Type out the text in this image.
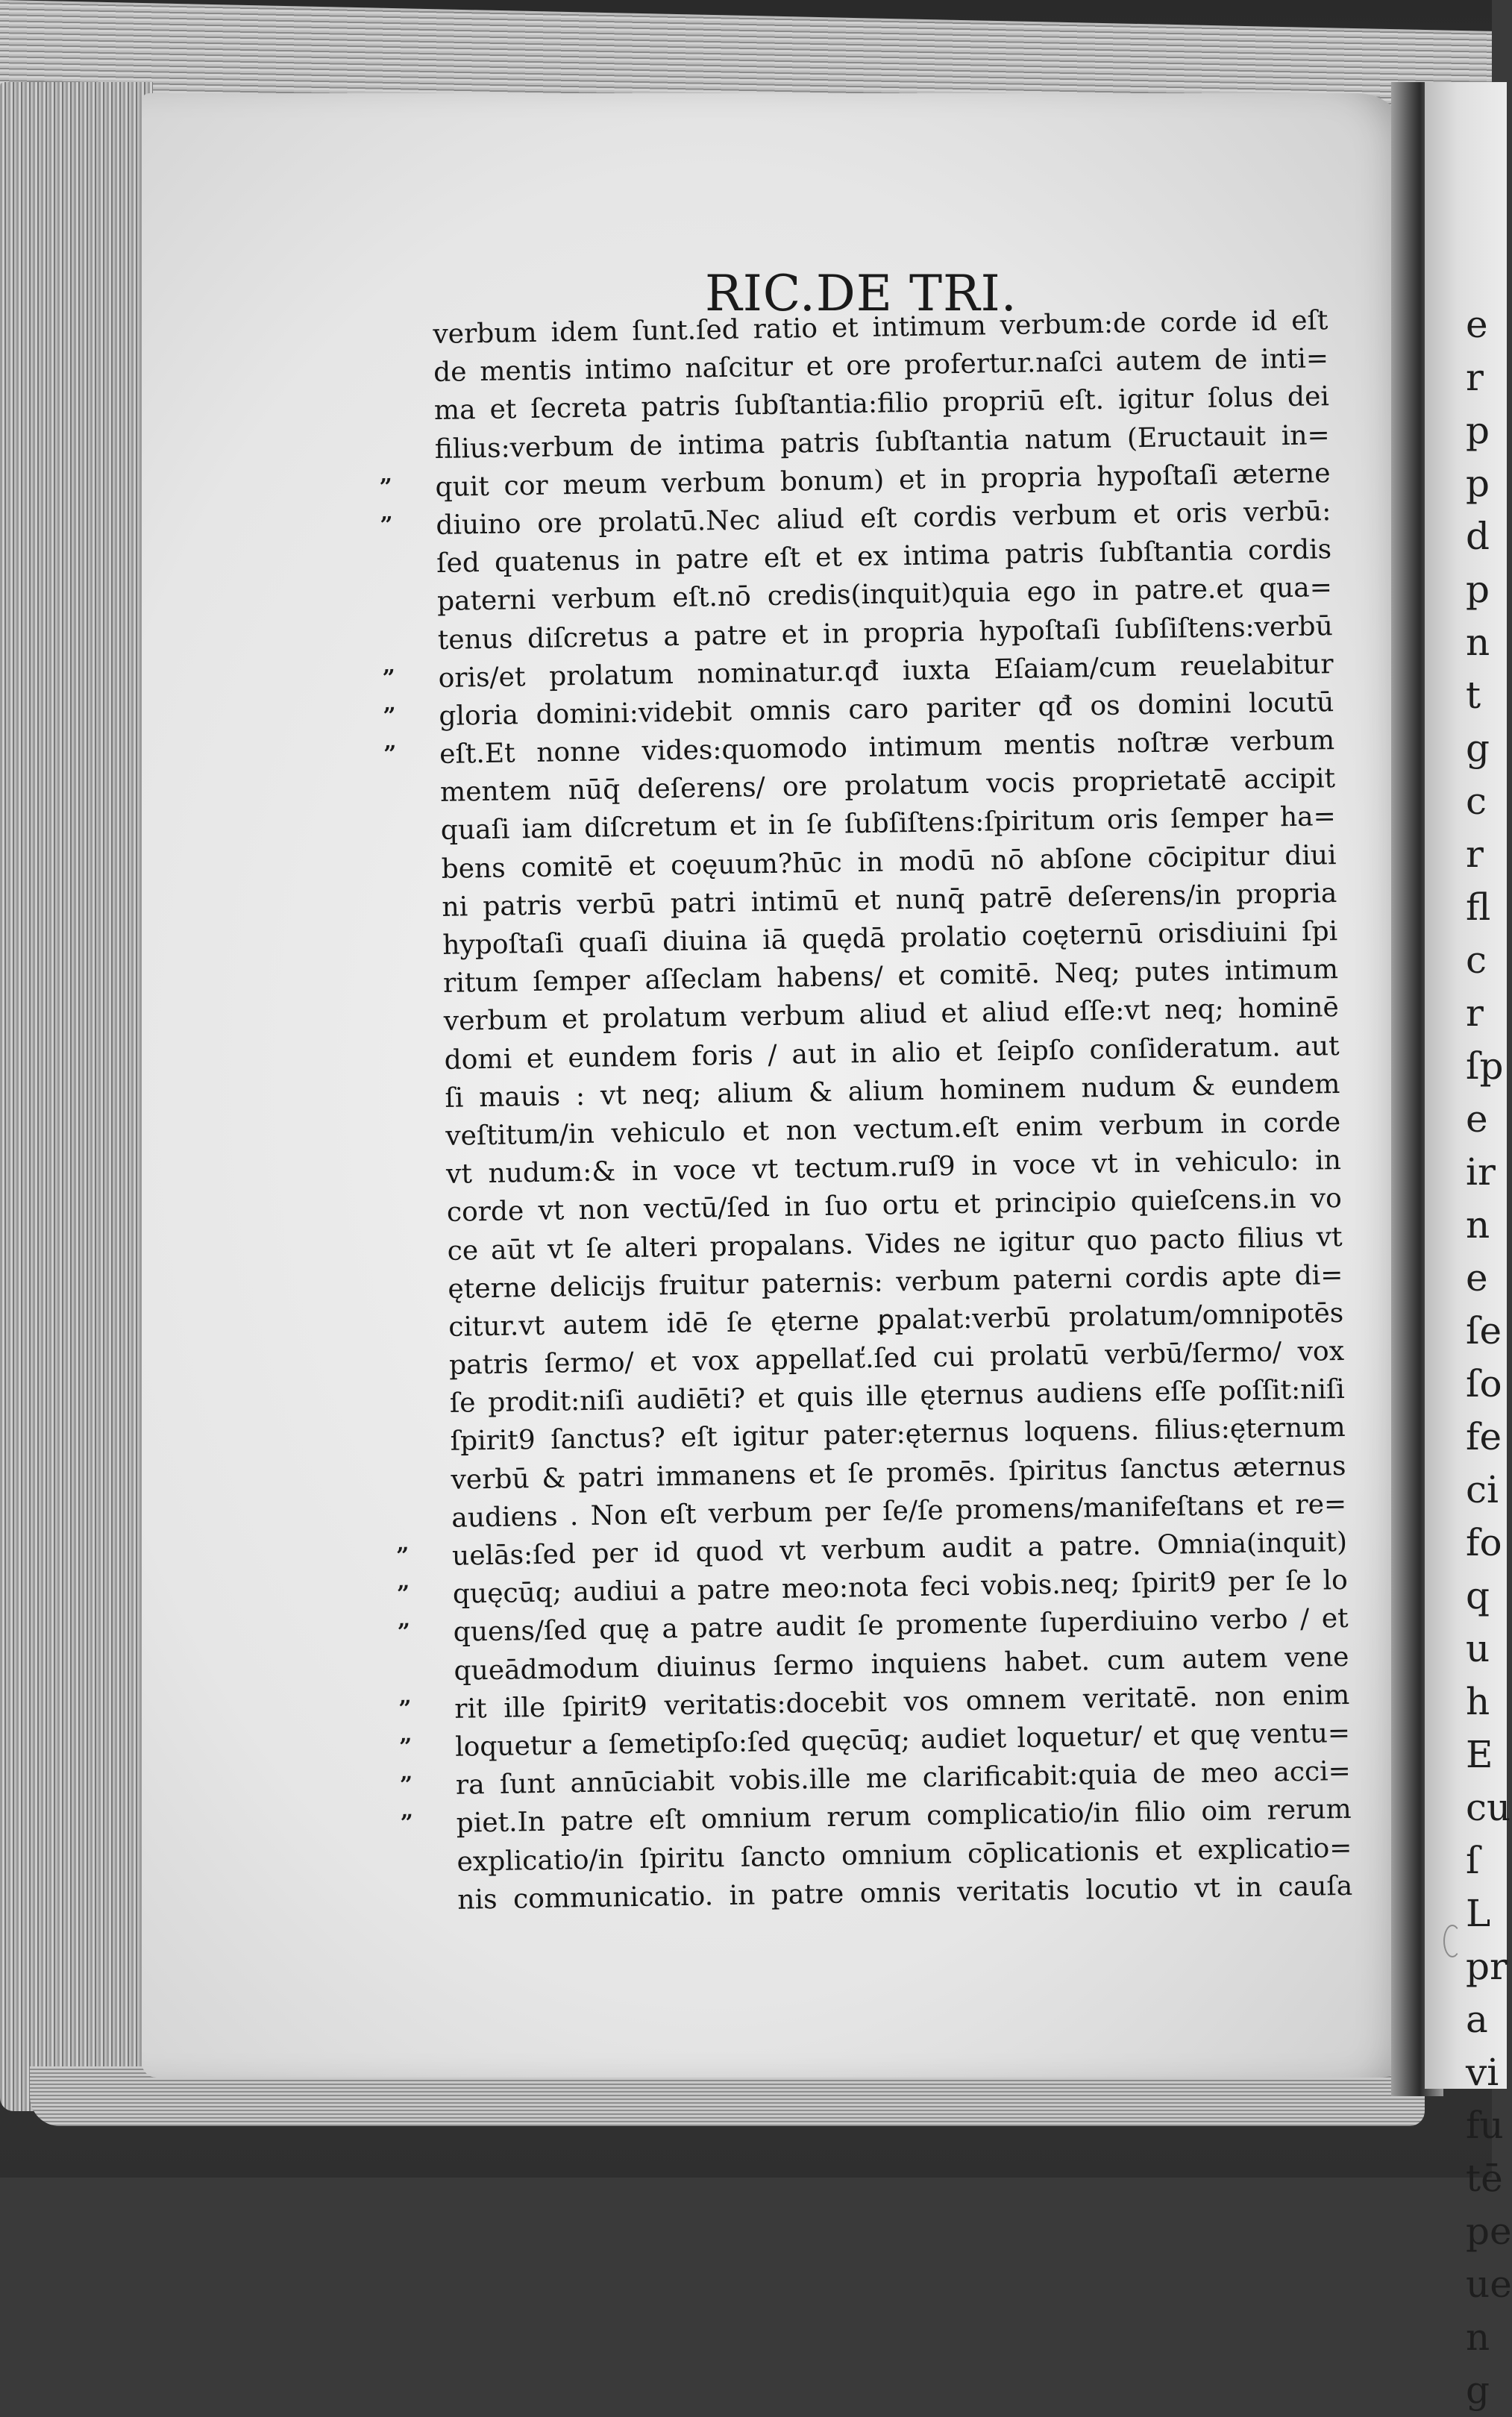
RIC.DE TRI.
”
”
”
”
”
”
”
”
”
”
”
”
verbum idem ſunt.ſed ratio et intimum verbum:de corde id eſt
de mentis intimo naſcitur et ore profertur.naſci autem de inti=
ma et ſecreta patris ſubſtantia:filio propriū eſt. igitur ſolus dei
filius:verbum de intima patris ſubſtantia natum (Eructauit in=
quit cor meum verbum bonum) et in propria hypoſtaſi æterne
diuino ore prolatū.Nec aliud eſt cordis verbum et oris verbū:
ſed quatenus in patre eſt et ex intima patris ſubſtantia cordis
paterni verbum eſt.nō credis(inquit)quia ego in patre.et qua=
tenus diſcretus a patre et in propria hypoſtaſi ſubſiſtens:verbū
oris/et prolatum nominatur.qđ iuxta Eſaiam/cum reuelabitur
gloria domini:videbit omnis caro pariter qđ os domini locutū
eſt.Et nonne vides:quomodo intimum mentis noſtræ verbum
mentem nūq̄ deſerens/ ore prolatum vocis proprietatē accipit
quaſi iam diſcretum et in ſe ſubſiſtens:ſpiritum oris ſemper ha=
bens comitē et coęuum?hūc in modū nō abſone cōcipitur diui
ni patris verbū patri intimū et nunq̄ patrē deſerens/in propria
hypoſtaſi quaſi diuina iā quędā prolatio coęternū orisdiuini ſpi
ritum ſemper aſſeclam habens/ et comitē. Neq; putes intimum
verbum et prolatum verbum aliud et aliud eſſe:vt neq; hominē
domi et eundem foris / aut in alio et ſeipſo conſideratum. aut
ſi mauis : vt neq; alium & alium hominem nudum & eundem
veſtitum/in vehiculo et non vectum.eſt enim verbum in corde
vt nudum:& in voce vt tectum.ruſ9 in voce vt in vehiculo: in
corde vt non vectū/ſed in ſuo ortu et principio quieſcens.in vo
ce aūt vt ſe alteri propalans. Vides ne igitur quo pacto filius vt
ęterne delicijs fruitur paternis: verbum paterni cordis apte di=
citur.vt autem idē ſe ęterne ꝑpalat:verbū prolatum/omnipotēs
patris ſermo/ et vox appellať.ſed cui prolatū verbū/ſermo/ vox
ſe prodit:niſi audiēti? et quis ille ęternus audiens eſſe poſſit:niſi
ſpirit9 ſanctus? eſt igitur pater:ęternus loquens. filius:ęternum
verbū & patri immanens et ſe promēs. ſpiritus ſanctus æternus
audiens . Non eſt verbum per ſe/ſe promens/manifeſtans et re=
uelās:ſed per id quod vt verbum audit a patre. Omnia(inquit)
quęcūq; audiui a patre meo:nota feci vobis.neq; ſpirit9 per ſe lo
quens/ſed quę a patre audit ſe promente ſuperdiuino verbo / et
queādmodum diuinus ſermo inquiens habet. cum autem vene
rit ille ſpirit9 veritatis:docebit vos omnem veritatē. non enim
loquetur a ſemetipſo:ſed quęcūq; audiet loquetur/ et quę ventu=
ra ſunt annūciabit vobis.ille me clarificabit:quia de meo acci=
piet.In patre eſt omnium rerum complicatio/in filio oim rerum
explicatio/in ſpiritu ſancto omnium cōplicationis et explicatio=
nis communicatio. in patre omnis veritatis locutio vt in cauſa
e
r
p
p
d
p
n
t
g
c
r
fl
c
r
ſp
e
ir
n
e
ſe
ſo
fe
ci
fo
q
u
h
E
cu
ſ
L
pr
a
vi
fu
tē
pe
ue
n
g
